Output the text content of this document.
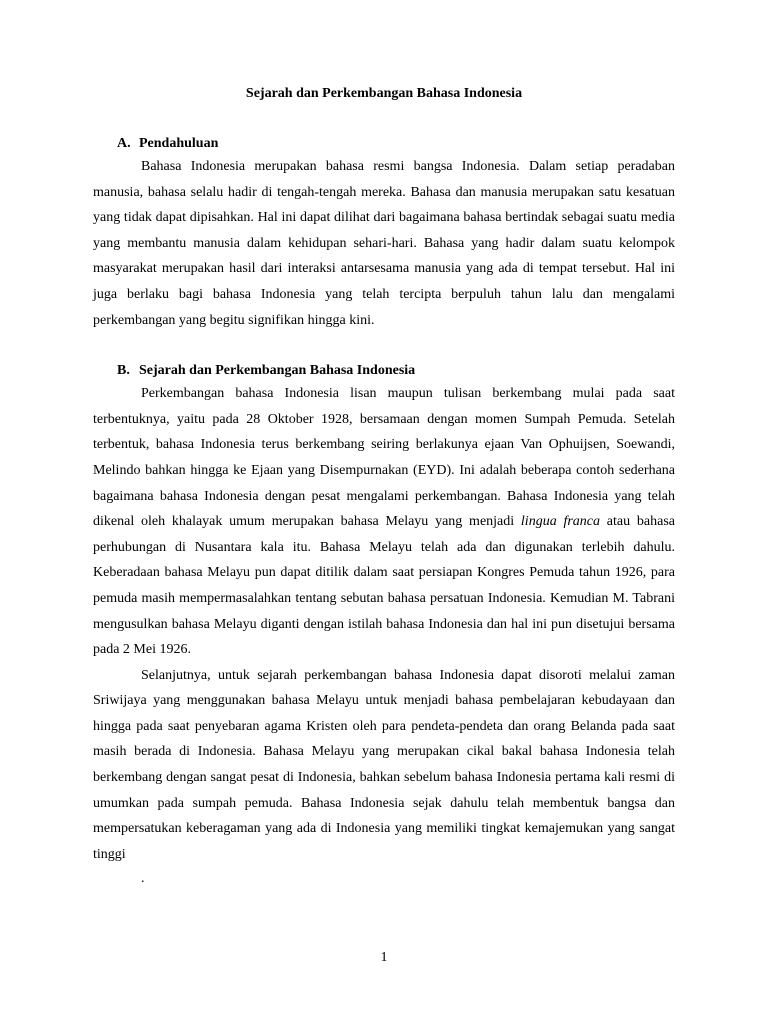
Sejarah dan Perkembangan Bahasa Indonesia
A. Pendahuluan

Bahasa Indonesia merupakan bahasa resmi bangsa Indonesia. Dalam setiap peradaban manusia, bahasa selalu hadir di tengah-tengah mereka. Bahasa dan manusia merupakan satu kesatuan yang tidak dapat dipisahkan. Hal ini dapat dilihat dari bagaimana bahasa bertindak sebagai suatu media yang membantu manusia dalam kehidupan sehari-hari. Bahasa yang hadir dalam suatu kelompok masyarakat merupakan hasil dari interaksi antarsesama manusia yang ada di tempat tersebut. Hal ini juga berlaku bagi bahasa Indonesia yang telah tercipta berpuluh tahun lalu dan mengalami perkembangan yang begitu signifikan hingga kini.

B. Sejarah dan Perkembangan Bahasa Indonesia

Perkembangan bahasa Indonesia lisan maupun tulisan berkembang mulai pada saat terbentuknya, yaitu pada 28 Oktober 1928, bersamaan dengan momen Sumpah Pemuda. Setelah terbentuk, bahasa Indonesia terus berkembang seiring berlakunya ejaan Van Ophuijsen, Soewandi, Melindo bahkan hingga ke Ejaan yang Disempurnakan (EYD). Ini adalah beberapa contoh sederhana bagaimana bahasa Indonesia dengan pesat mengalami perkembangan. Bahasa Indonesia yang telah dikenal oleh khalayak umum merupakan bahasa Melayu yang menjadi lingua franca atau bahasa perhubungan di Nusantara kala itu. Bahasa Melayu telah ada dan digunakan terlebih dahulu. Keberadaan bahasa Melayu pun dapat ditilik dalam saat persiapan Kongres Pemuda tahun 1926, para pemuda masih mempermasalahkan tentang sebutan bahasa persatuan Indonesia. Kemudian M. Tabrani mengusulkan bahasa Melayu diganti dengan istilah bahasa Indonesia dan hal ini pun disetujui bersama pada 2 Mei 1926.

Selanjutnya, untuk sejarah perkembangan bahasa Indonesia dapat disoroti melalui zaman Sriwijaya yang menggunakan bahasa Melayu untuk menjadi bahasa pembelajaran kebudayaan dan hingga pada saat penyebaran agama Kristen oleh para pendeta-pendeta dan orang Belanda pada saat masih berada di Indonesia. Bahasa Melayu yang merupakan cikal bakal bahasa Indonesia telah berkembang dengan sangat pesat di Indonesia, bahkan sebelum bahasa Indonesia pertama kali resmi di umumkan pada sumpah pemuda. Bahasa Indonesia sejak dahulu telah membentuk bangsa dan mempersatukan keberagaman yang ada di Indonesia yang memiliki tingkat kemajemukan yang sangat tinggi

.
1
